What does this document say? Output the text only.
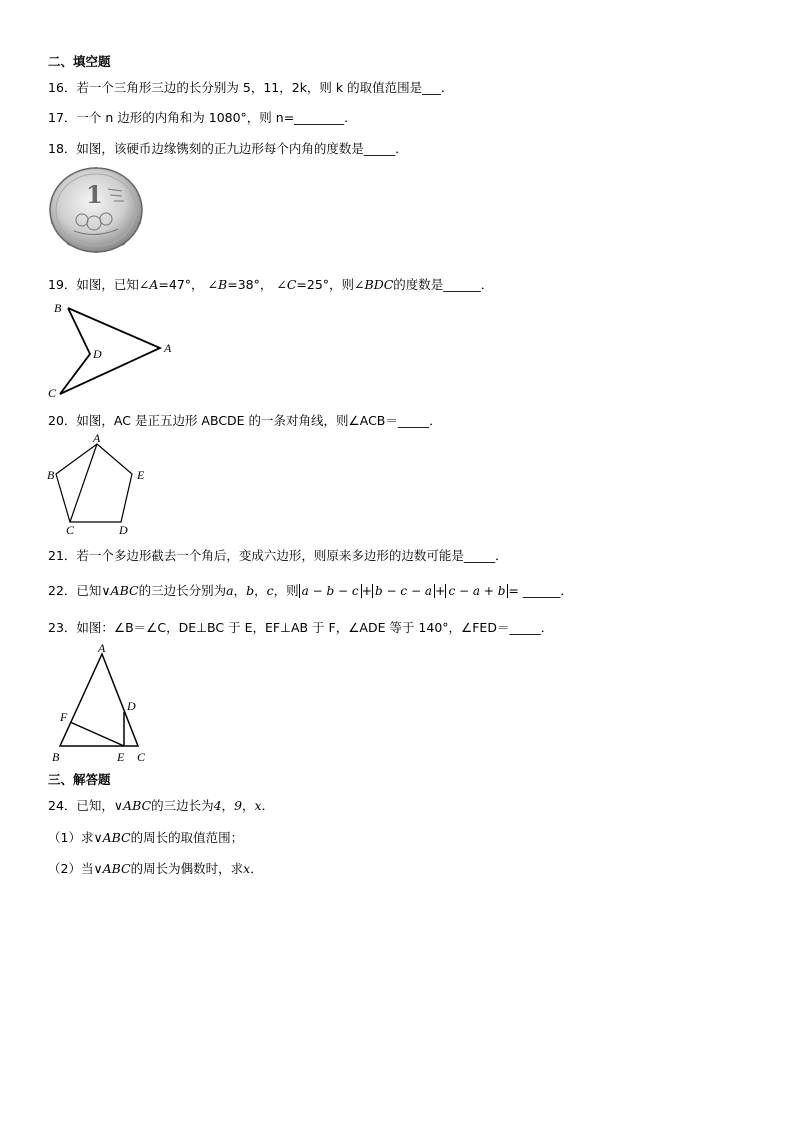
二、填空题
16．若一个三角形三边的长分别为 5，11，2k，则 k 的取值范围是___．
17．一个 n 边形的内角和为 1080°，则 n=________.
18．如图，该硬币边缘镌刻的正九边形每个内角的度数是_____．
1
19．如图，已知∠A=47°， ∠B=38°， ∠C=25°，则∠BDC的度数是______．
B
D	A
C
20．如图，AC 是正五边形 ABCDE 的一条对角线，则∠ACB＝_____．
A
B
C	D
E
21．若一个多边形截去一个角后，变成六边形，则原来多边形的边数可能是_____．
22．已知∨ABC的三边长分别为a，b，c，则 a − b − c + b − c − a + c − a + b = ______．
23．如图：∠B＝∠C，DE⊥BC 于 E，EF⊥AB 于 F，∠ADE 等于 140°，∠FED＝_____．
A
D
F
B	E C
三、解答题
24．已知，∨ABC的三边长为4，9，x．
（1）求∨ABC的周长的取值范围；
（2）当∨ABC的周长为偶数时，求x．
